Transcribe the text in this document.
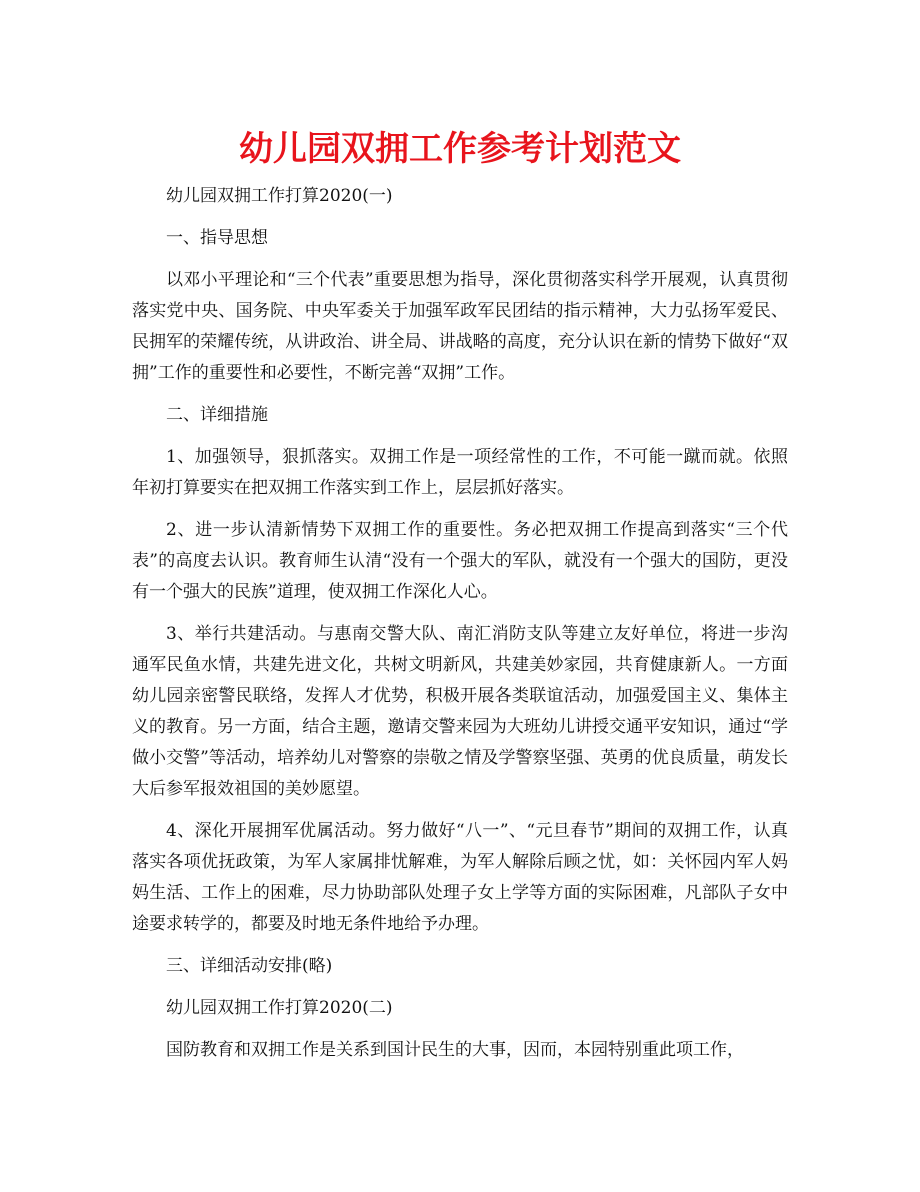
幼儿园双拥工作参考计划范文

幼儿园双拥工作打算2020(一)

一、指导思想

以邓小平理论和“三个代表”重要思想为指导，深化贯彻落实科学开展观，认真贯彻落实党中央、国务院、中央军委关于加强军政军民团结的指示精神，大力弘扬军爱民、民拥军的荣耀传统，从讲政治、讲全局、讲战略的高度，充分认识在新的情势下做好“双拥”工作的重要性和必要性，不断完善“双拥”工作。

二、详细措施

1、加强领导，狠抓落实。双拥工作是一项经常性的工作，不可能一蹴而就。依照年初打算要实在把双拥工作落实到工作上，层层抓好落实。

2、进一步认清新情势下双拥工作的重要性。务必把双拥工作提高到落实“三个代表”的高度去认识。教育师生认清“没有一个强大的军队，就没有一个强大的国防，更没有一个强大的民族”道理，使双拥工作深化人心。

3、举行共建活动。与惠南交警大队、南汇消防支队等建立友好单位，将进一步沟通军民鱼水情，共建先进文化，共树文明新风，共建美妙家园，共育健康新人。一方面幼儿园亲密警民联络，发挥人才优势，积极开展各类联谊活动，加强爱国主义、集体主义的教育。另一方面，结合主题，邀请交警来园为大班幼儿讲授交通平安知识，通过“学做小交警”等活动，培养幼儿对警察的崇敬之情及学警察坚强、英勇的优良质量，萌发长大后参军报效祖国的美妙愿望。

4、深化开展拥军优属活动。努力做好“八一”、“元旦春节”期间的双拥工作，认真落实各项优抚政策，为军人家属排忧解难，为军人解除后顾之忧，如：关怀园内军人妈妈生活、工作上的困难，尽力协助部队处理子女上学等方面的实际困难，凡部队子女中途要求转学的，都要及时地无条件地给予办理。

三、详细活动安排(略)

幼儿园双拥工作打算2020(二)

国防教育和双拥工作是关系到国计民生的大事，因而，本园特别重此项工作，
